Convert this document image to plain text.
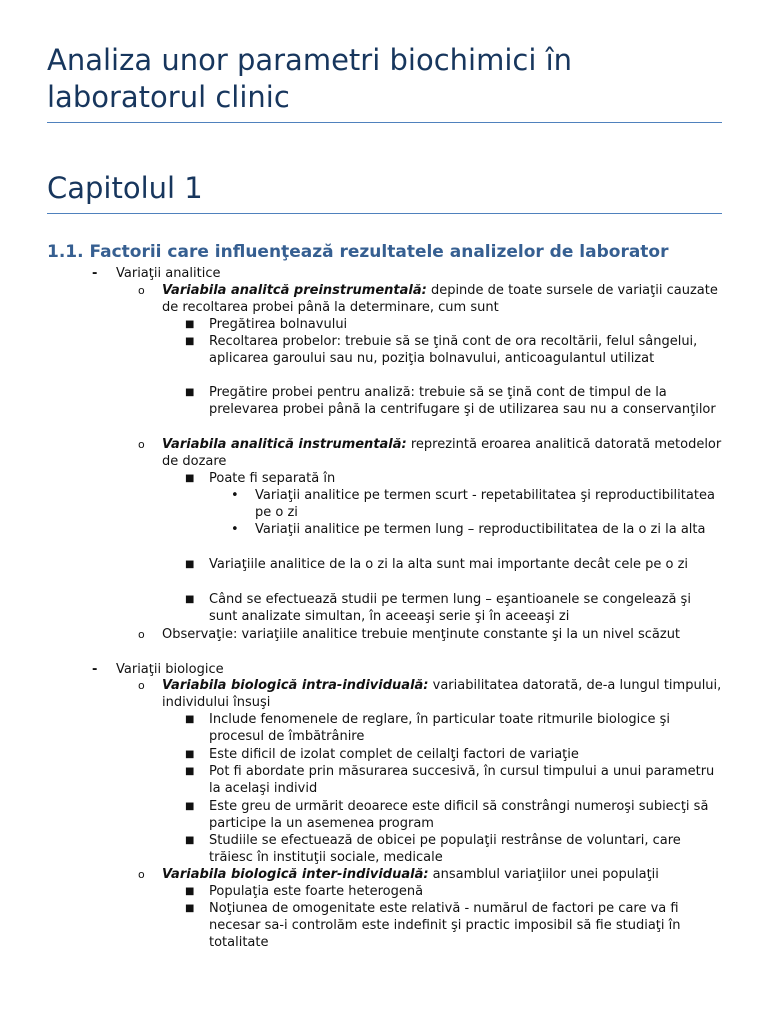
Analiza unor parametri biochimici în laboratorul clinic
Capitolul 1
1.1. Factorii care influenţează rezultatele analizelor de laborator
- Variaţii analitice
o Variabila analitcă preinstrumentală: depinde de toate sursele de variaţii cauzate de recoltarea probei până la determinare, cum sunt
■ Pregătirea bolnavului
■ Recoltarea probelor: trebuie să se ţină cont de ora recoltării, felul sângelui, aplicarea garoului sau nu, poziţia bolnavului, anticoagulantul utilizat
■ Pregătire probei pentru analiză: trebuie să se ţină cont de timpul de la prelevarea probei până la centrifugare şi de utilizarea sau nu a conservanţilor
o Variabila analitică instrumentală: reprezintă eroarea analitică datorată metodelor de dozare
■ Poate fi separată în
• Variaţii analitice pe termen scurt - repetabilitatea şi reproductibilitatea pe o zi
• Variaţii analitice pe termen lung – reproductibilitatea de la o zi la alta
■ Variaţiile analitice de la o zi la alta sunt mai importante decât cele pe o zi
■ Când se efectuează studii pe termen lung – eşantioanele se congelează şi sunt analizate simultan, în aceeaşi serie şi în aceeaşi zi
o Observaţie: variaţiile analitice trebuie menţinute constante şi la un nivel scăzut
- Variaţii biologice
o Variabila biologică intra-individuală: variabilitatea datorată, de-a lungul timpului, individului însuşi
■ Include fenomenele de reglare, în particular toate ritmurile biologice şi procesul de îmbătrânire
■ Este dificil de izolat complet de ceilalţi factori de variaţie
■ Pot fi abordate prin măsurarea succesivă, în cursul timpului a unui parametru la acelaşi individ
■ Este greu de urmărit deoarece este dificil să constrângi numeroşi subiecţi să participe la un asemenea program
■ Studiile se efectuează de obicei pe populaţii restrânse de voluntari, care trăiesc în instituţii sociale, medicale
o Variabila biologică inter-individuală: ansamblul variaţiilor unei populaţii
■ Populaţia este foarte heterogenă
■ Noţiunea de omogenitate este relativă - numărul de factori pe care va fi necesar sa-i controlăm este indefinit şi practic imposibil să fie studiaţi în totalitate
